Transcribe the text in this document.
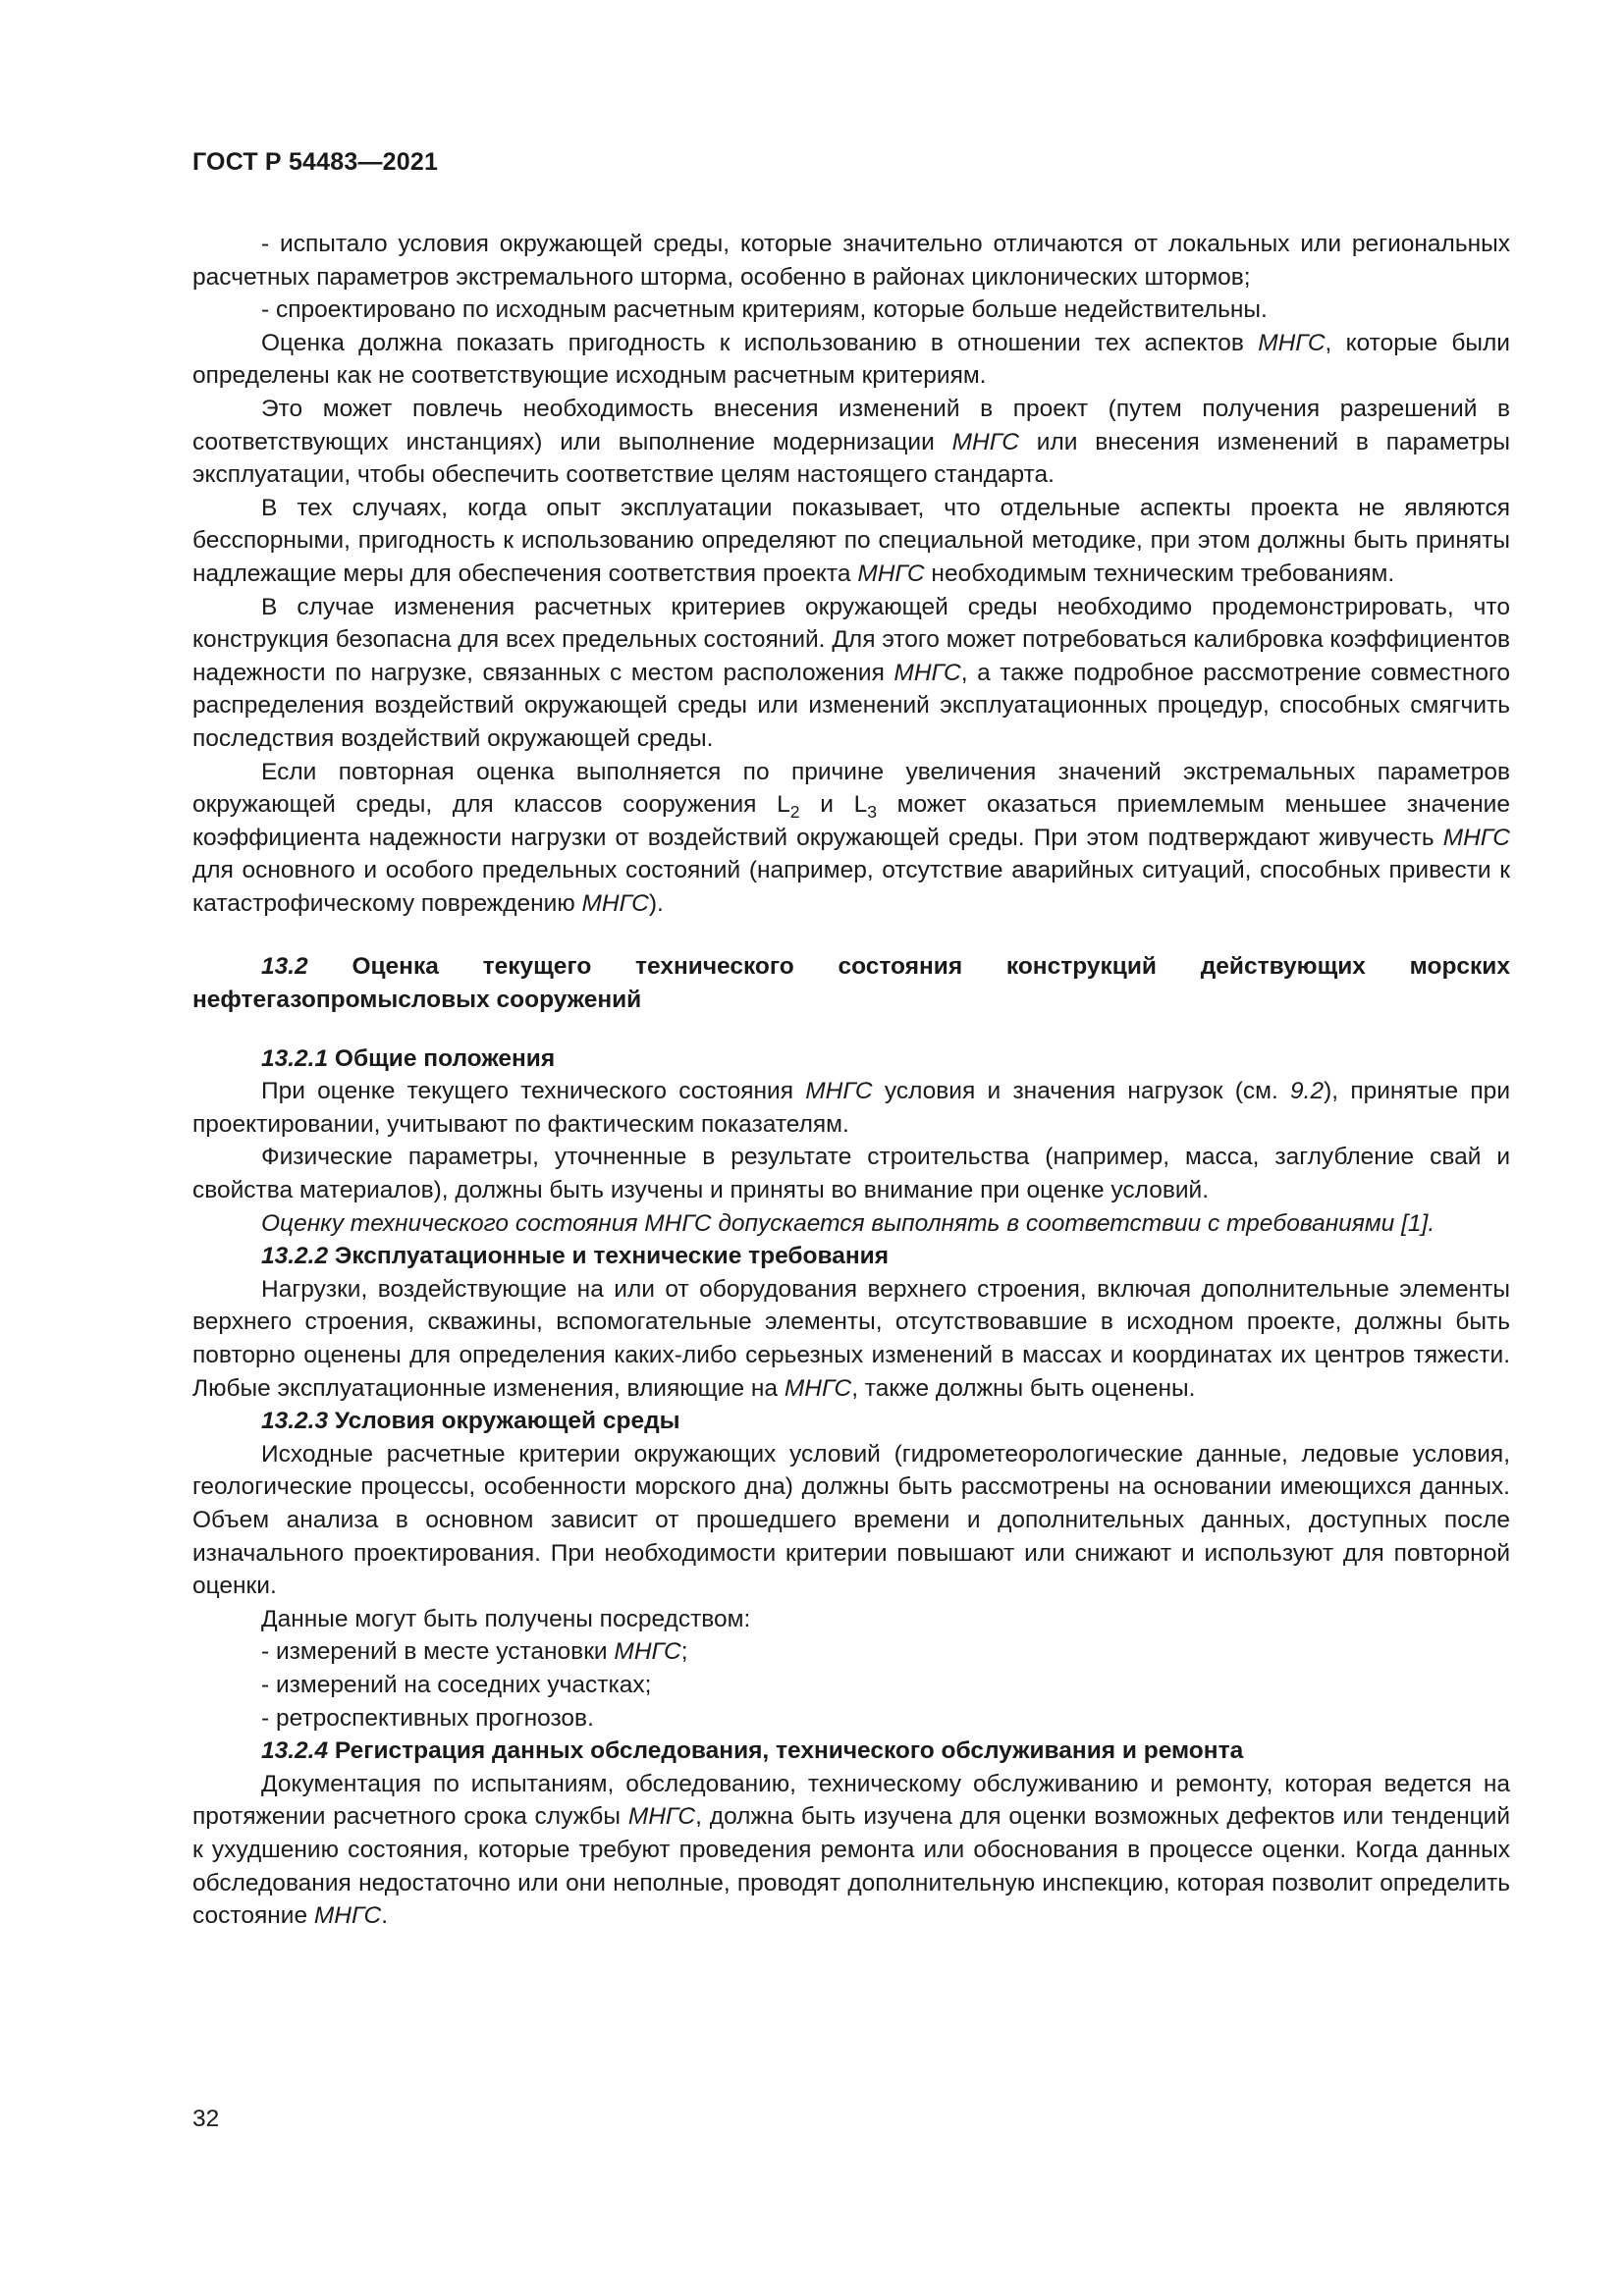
ГОСТ Р 54483—2021

- испытало условия окружающей среды, которые значительно отличаются от локальных или региональных расчетных параметров экстремального шторма, особенно в районах циклонических штормов;

- спроектировано по исходным расчетным критериям, которые больше недействительны.

Оценка должна показать пригодность к использованию в отношении тех аспектов МНГС, которые были определены как не соответствующие исходным расчетным критериям.

Это может повлечь необходимость внесения изменений в проект (путем получения разрешений в соответствующих инстанциях) или выполнение модернизации МНГС или внесения изменений в параметры эксплуатации, чтобы обеспечить соответствие целям настоящего стандарта.

В тех случаях, когда опыт эксплуатации показывает, что отдельные аспекты проекта не являются бесспорными, пригодность к использованию определяют по специальной методике, при этом должны быть приняты надлежащие меры для обеспечения соответствия проекта МНГС необходимым техническим требованиям.

В случае изменения расчетных критериев окружающей среды необходимо продемонстрировать, что конструкция безопасна для всех предельных состояний. Для этого может потребоваться калибровка коэффициентов надежности по нагрузке, связанных с местом расположения МНГС, а также подробное рассмотрение совместного распределения воздействий окружающей среды или изменений эксплуатационных процедур, способных смягчить последствия воздействий окружающей среды.

Если повторная оценка выполняется по причине увеличения значений экстремальных параметров окружающей среды, для классов сооружения $L_2$ и $L_3$ может оказаться приемлемым меньшее значение коэффициента надежности нагрузки от воздействий окружающей среды. При этом подтверждают живучесть МНГС для основного и особого предельных состояний (например, отсутствие аварийных ситуаций, способных привести к катастрофическому повреждению МНГС).

13.2 Оценка текущего технического состояния конструкций действующих морских нефтегазопромысловых сооружений

13.2.1 Общие положения

При оценке текущего технического состояния МНГС условия и значения нагрузок (см. 9.2), принятые при проектировании, учитывают по фактическим показателям.

Физические параметры, уточненные в результате строительства (например, масса, заглубление свай и свойства материалов), должны быть изучены и приняты во внимание при оценке условий.

Оценку технического состояния МНГС допускается выполнять в соответствии с требованиями [1].

13.2.2 Эксплуатационные и технические требования

Нагрузки, воздействующие на или от оборудования верхнего строения, включая дополнительные элементы верхнего строения, скважины, вспомогательные элементы, отсутствовавшие в исходном проекте, должны быть повторно оценены для определения каких-либо серьезных изменений в массах и координатах их центров тяжести. Любые эксплуатационные изменения, влияющие на МНГС, также должны быть оценены.

13.2.3 Условия окружающей среды

Исходные расчетные критерии окружающих условий (гидрометеорологические данные, ледовые условия, геологические процессы, особенности морского дна) должны быть рассмотрены на основании имеющихся данных. Объем анализа в основном зависит от прошедшего времени и дополнительных данных, доступных после изначального проектирования. При необходимости критерии повышают или снижают и используют для повторной оценки.

Данные могут быть получены посредством:

- измерений в месте установки МНГС;

- измерений на соседних участках;

- ретроспективных прогнозов.

13.2.4 Регистрация данных обследования, технического обслуживания и ремонта

Документация по испытаниям, обследованию, техническому обслуживанию и ремонту, которая ведется на протяжении расчетного срока службы МНГС, должна быть изучена для оценки возможных дефектов или тенденций к ухудшению состояния, которые требуют проведения ремонта или обоснования в процессе оценки. Когда данных обследования недостаточно или они неполные, проводят дополнительную инспекцию, которая позволит определить состояние МНГС.

32
